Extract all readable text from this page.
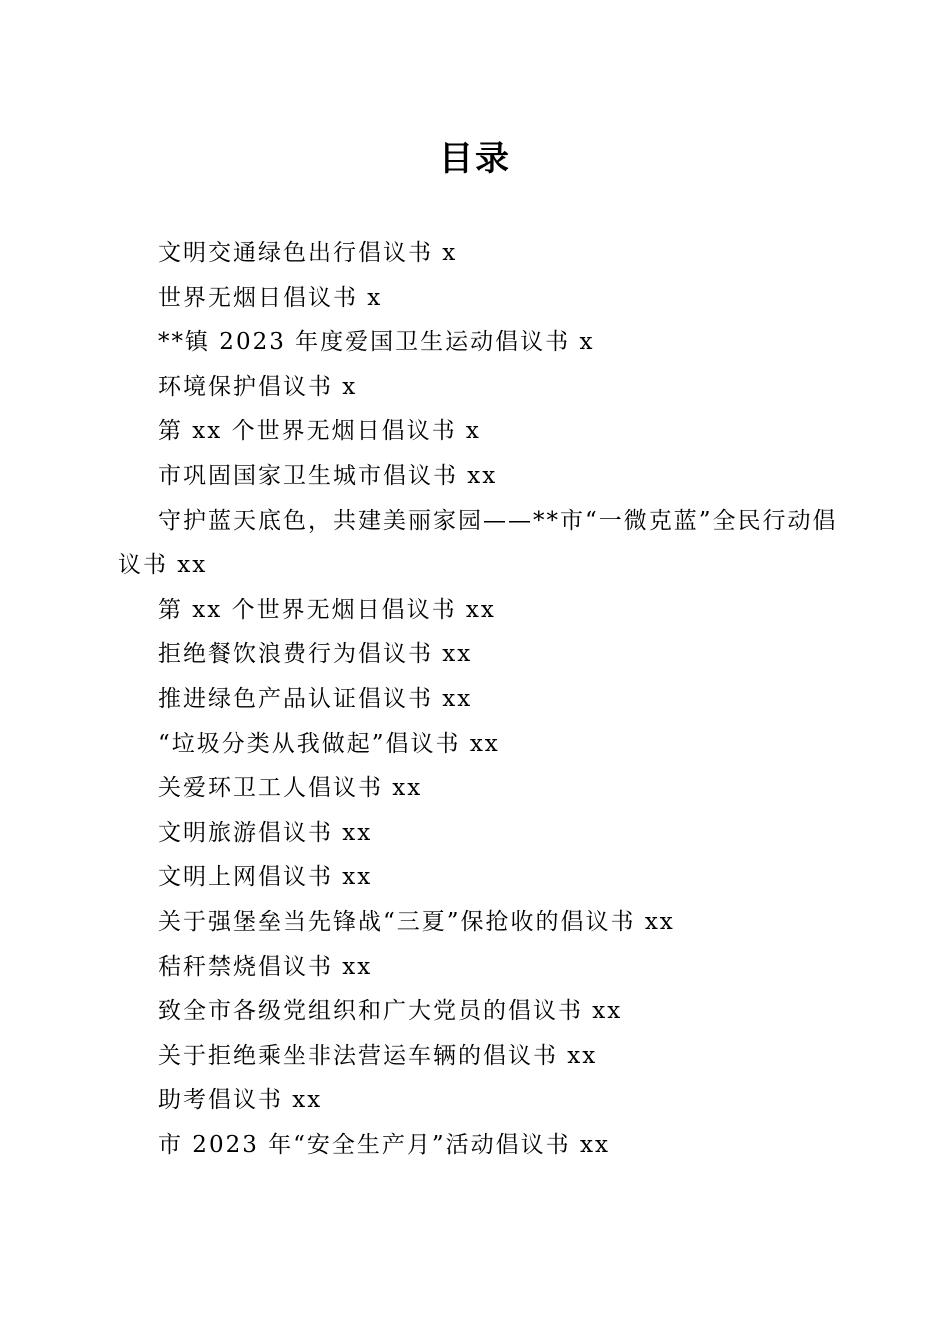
目录
文明交通绿色出行倡议书 x
世界无烟日倡议书 x
**镇 2023 年度爱国卫生运动倡议书 x
环境保护倡议书 x
第 xx 个世界无烟日倡议书 x
市巩固国家卫生城市倡议书 xx
守护蓝天底色，共建美丽家园——**市“一微克蓝”全民行动倡议书 xx
第 xx 个世界无烟日倡议书 xx
拒绝餐饮浪费行为倡议书 xx
推进绿色产品认证倡议书 xx
“垃圾分类从我做起”倡议书 xx
关爱环卫工人倡议书 xx
文明旅游倡议书 xx
文明上网倡议书 xx
关于强堡垒当先锋战“三夏”保抢收的倡议书 xx
秸秆禁烧倡议书 xx
致全市各级党组织和广大党员的倡议书 xx
关于拒绝乘坐非法营运车辆的倡议书 xx
助考倡议书 xx
市 2023 年“安全生产月”活动倡议书 xx
